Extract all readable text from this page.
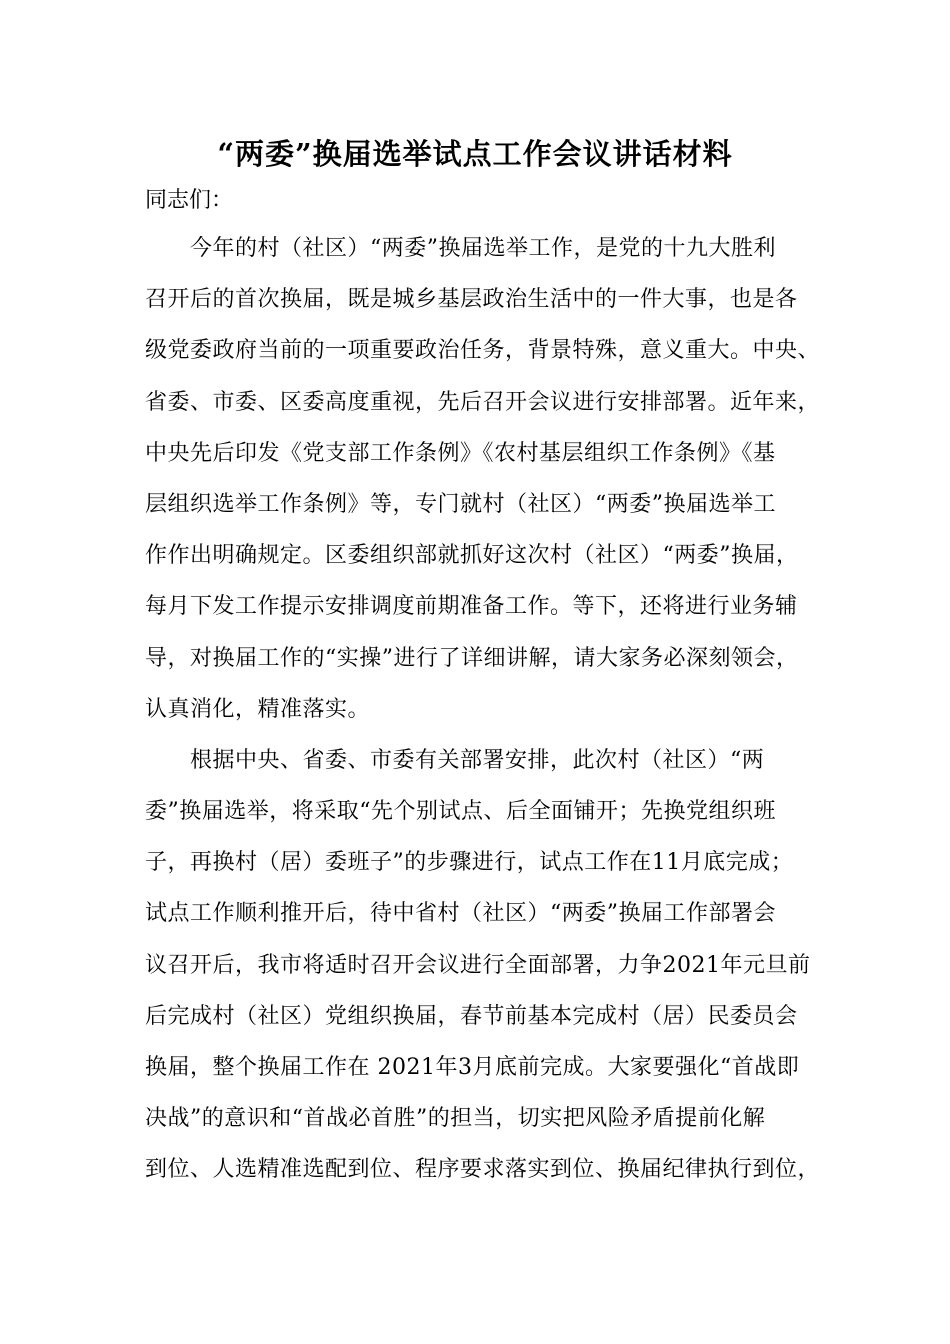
“两委”换届选举试点工作会议讲话材料

同志们：

今年的村（社区）“两委”换届选举工作，是党的十九大胜利
召开后的首次换届，既是城乡基层政治生活中的一件大事，也是各
级党委政府当前的一项重要政治任务，背景特殊，意义重大。中央、
省委、市委、区委高度重视，先后召开会议进行安排部署。近年来，
中央先后印发《党支部工作条例》《农村基层组织工作条例》《基
层组织选举工作条例》等，专门就村（社区）“两委”换届选举工
作作出明确规定。区委组织部就抓好这次村（社区）“两委”换届，
每月下发工作提示安排调度前期准备工作。等下，还将进行业务辅
导，对换届工作的“实操”进行了详细讲解，请大家务必深刻领会，
认真消化，精准落实。
根据中央、省委、市委有关部署安排，此次村（社区）“两
委”换届选举，将采取“先个别试点、后全面铺开；先换党组织班
子，再换村（居）委班子”的步骤进行，试点工作在11月底完成；
试点工作顺利推开后，待中省村（社区）“两委”换届工作部署会
议召开后，我市将适时召开会议进行全面部署，力争2021年元旦前
后完成村（社区）党组织换届，春节前基本完成村（居）民委员会
换届，整个换届工作在 2021年3月底前完成。大家要强化“首战即
决战”的意识和“首战必首胜”的担当，切实把风险矛盾提前化解
到位、人选精准选配到位、程序要求落实到位、换届纪律执行到位，
